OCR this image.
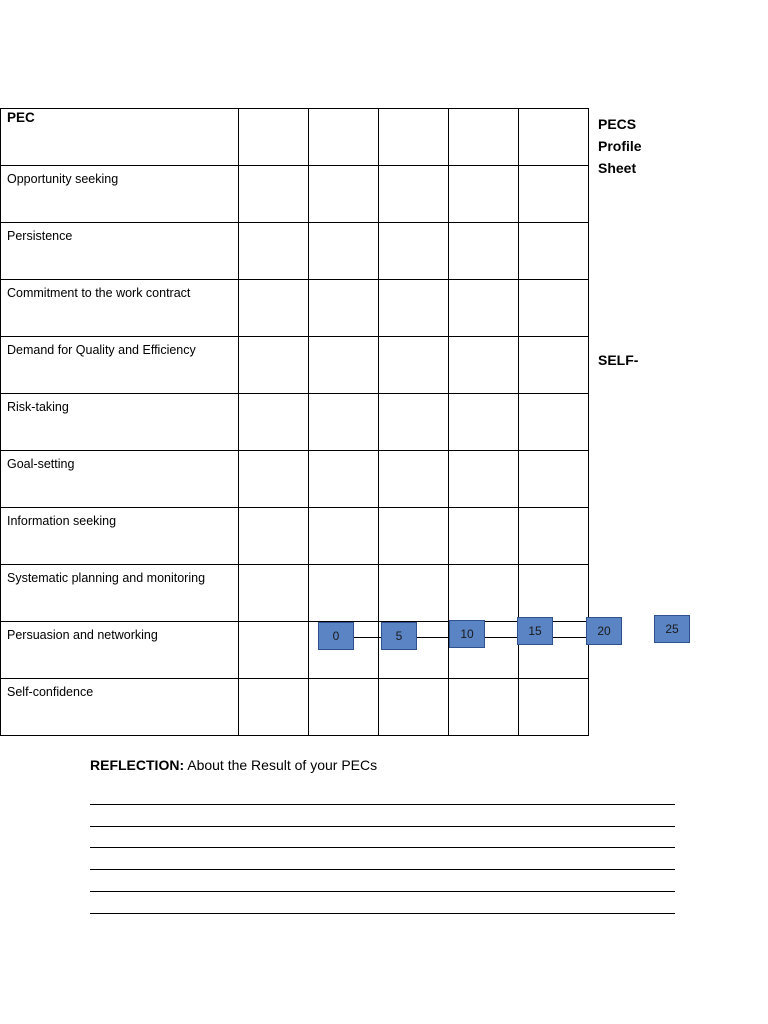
PEC					
Opportunity seeking					
Persistence					
Commitment to the work contract					
Demand for Quality and Efficiency					
Risk-taking					
Goal-setting					
Information seeking					
Systematic planning and monitoring					
Persuasion and networking					
Self-confidence					
PECS
Profile
Sheet
SELF-
0	5	10	15	20	25
REFLECTION: About the Result of your PECs
